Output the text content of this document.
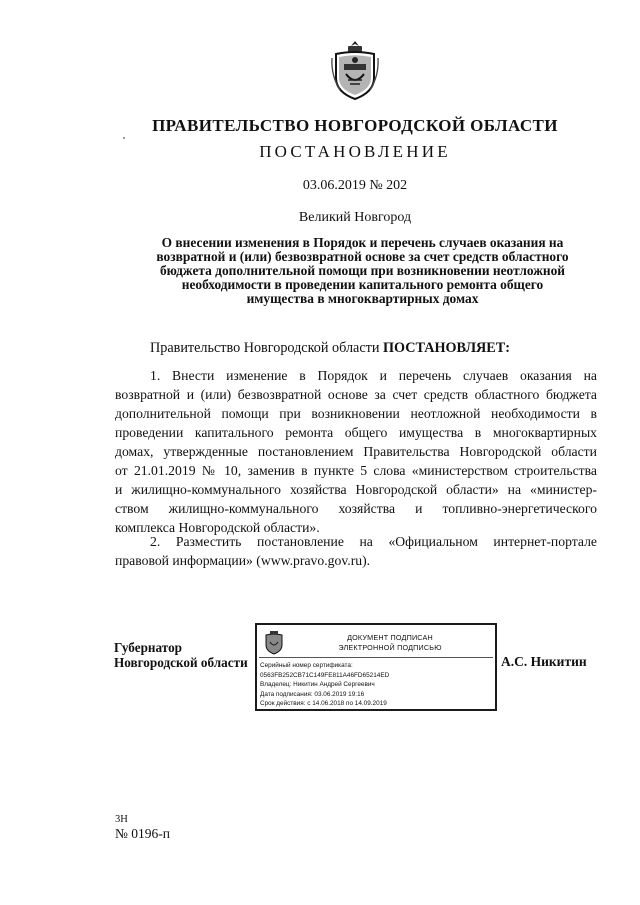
ПРАВИТЕЛЬСТВО НОВГОРОДСКОЙ ОБЛАСТИ
ПОСТАНОВЛЕНИЕ
03.06.2019 № 202
Великий Новгород
О внесении изменения в Порядок и перечень случаев оказания на
возвратной и (или) безвозвратной основе за счет средств областного
бюджета дополнительной помощи при возникновении неотложной
необходимости в проведении капитального ремонта общего
имущества в многоквартирных домах
Правительство Новгородской области ПОСТАНОВЛЯЕТ:
1. Внести изменение в Порядок и перечень случаев оказания на
возвратной и (или) безвозвратной основе за счет средств областного бюджета
дополнительной помощи при возникновении неотложной необходимости в
проведении капитального ремонта общего имущества в многоквартирных
домах, утвержденные постановлением Правительства Новгородской области
от 21.01.2019 № 10, заменив в пункте 5 слова «министерством строительства
и жилищно-коммунального хозяйства Новгородской области» на «министер-
ством жилищно-коммунального хозяйства и топливно-энергетического
комплекса Новгородской области».
2. Разместить постановление на «Официальном интернет-портале
правовой информации» (www.pravo.gov.ru).
Губернатор
Новгородской области
ДОКУМЕНТ ПОДПИСАН
ЭЛЕКТРОННОЙ ПОДПИСЬЮ
Серийный номер сертификата:
0563FB252CB71C149FE811A46FD65214ED
Владелец: Никитин Андрей Сергеевич
Дата подписания: 03.06.2019 19:16
Срок действия: с 14.06.2018 по 14.09.2019
А.С. Никитин
3Н
№ 0196-п
